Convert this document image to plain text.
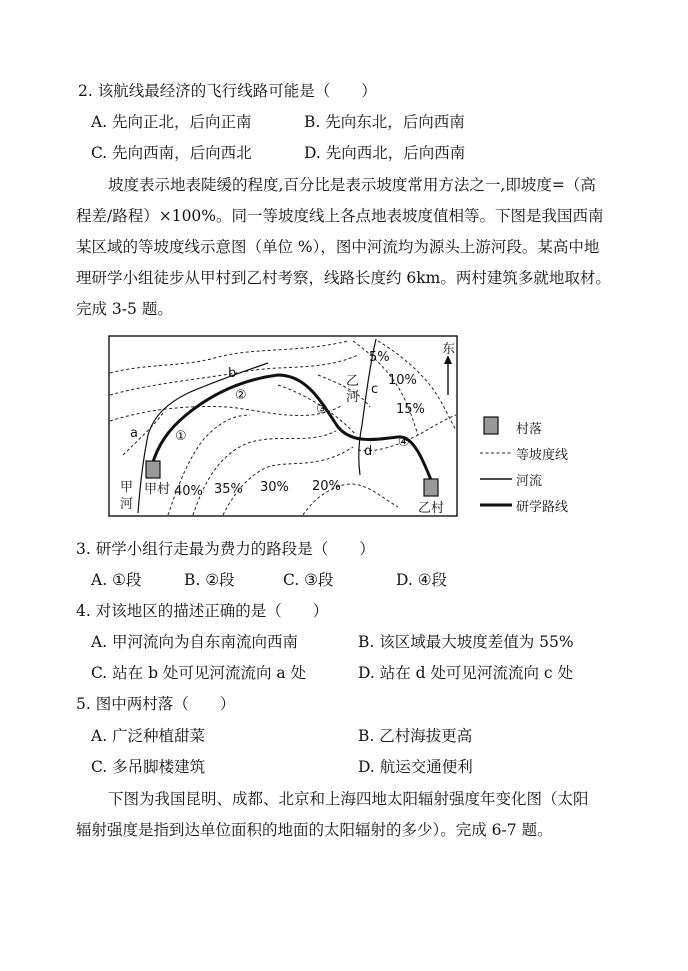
2. 该航线最经济的飞行线路可能是（　　）
A. 先向正北，后向正南	B. 先向东北，后向西南
C. 先向西南，后向西北	D. 先向西北，后向西南
坡度表示地表陡缓的程度,百分比是表示坡度常用方法之一,即坡度=（高
程差/路程）×100%。同一等坡度线上各点地表坡度值相等。下图是我国西南
某区域的等坡度线示意图（单位 %），图中河流均为源头上游河段。某高中地
理研学小组徒步从甲村到乙村考察，线路长度约 6km。两村建筑多就地取材。
完成 3-5 题。
东
5%
10%
15%
20%
30%
35%
40%
a
b
c
d
①
②
③
④
甲
河
乙
河
甲村
乙村
村落
等坡度线
河流
研学路线
3. 研学小组行走最为费力的路段是（　　）
A. ①段	B. ②段	C. ③段	D. ④段
4. 对该地区的描述正确的是（　　）
A. 甲河流向为自东南流向西南	B. 该区域最大坡度差值为 55%
C. 站在 b 处可见河流流向 a 处	D. 站在 d 处可见河流流向 c 处
5. 图中两村落（　　）
A. 广泛种植甜菜	B. 乙村海拔更高
C. 多吊脚楼建筑	D. 航运交通便利
下图为我国昆明、成都、北京和上海四地太阳辐射强度年变化图（太阳
辐射强度是指到达单位面积的地面的太阳辐射的多少）。完成 6-7 题。
